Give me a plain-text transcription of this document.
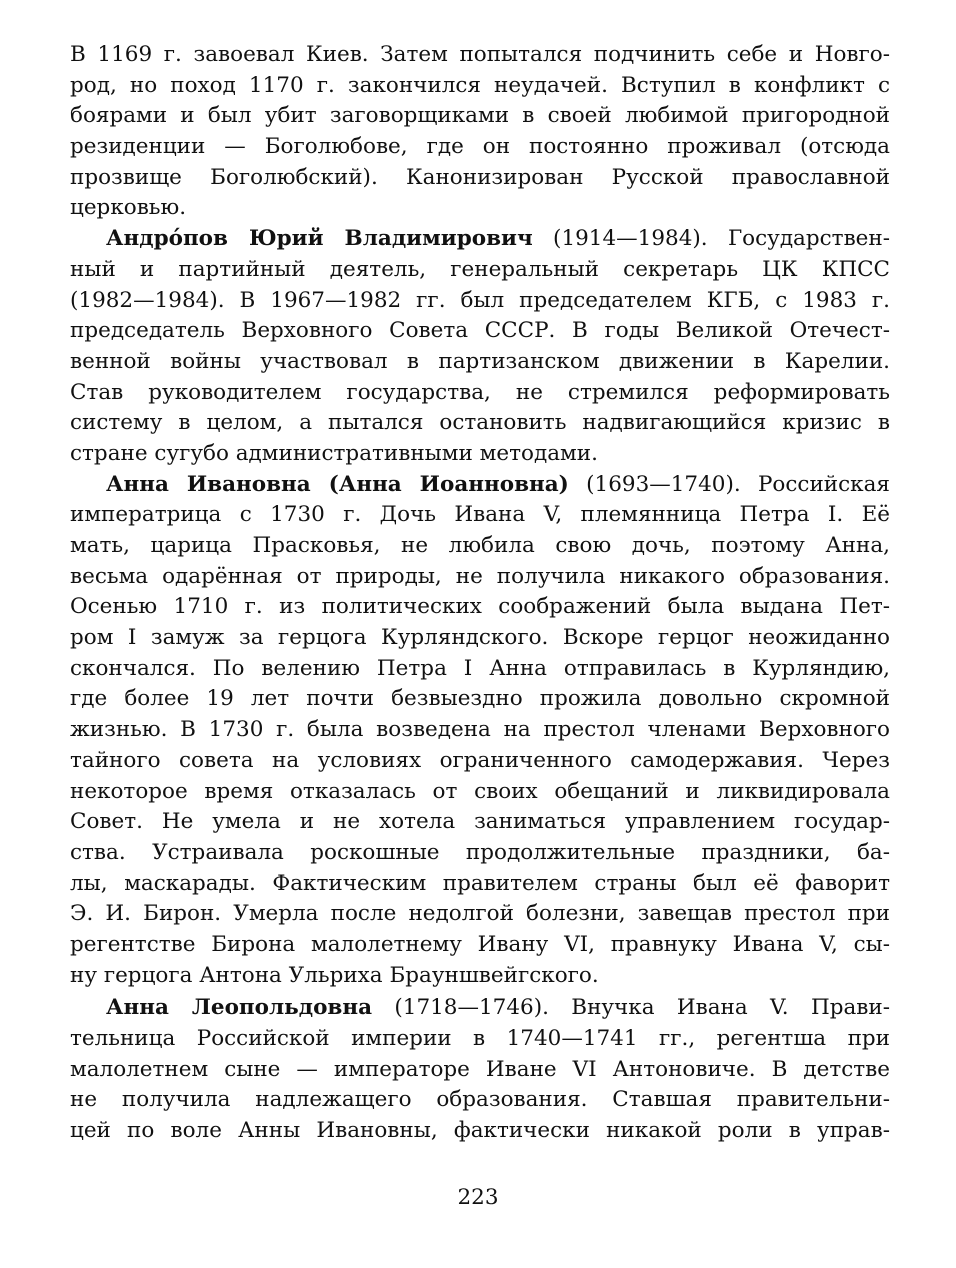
В 1169 г. завоевал Киев. Затем попытался подчинить себе и Новго-
род, но поход 1170 г. закончился неудачей. Вступил в конфликт с
боярами и был убит заговорщиками в своей любимой пригородной
резиденции — Боголюбове, где он постоянно проживал (отсюда
прозвище Боголюбский). Канонизирован Русской православной
церковью.
Андрóпов Юрий Владимирович (1914—1984). Государствен-
ный и партийный деятель, генеральный секретарь ЦК КПСС
(1982—1984). В 1967—1982 гг. был председателем КГБ, с 1983 г.
председатель Верховного Совета СССР. В годы Великой Отечест-
венной войны участвовал в партизанском движении в Карелии.
Став руководителем государства, не стремился реформировать
систему в целом, а пытался остановить надвигающийся кризис в
стране сугубо административными методами.
Анна Ивановна (Анна Иоанновна) (1693—1740). Российская
императрица с 1730 г. Дочь Ивана V, племянница Петра I. Её
мать, царица Прасковья, не любила свою дочь, поэтому Анна,
весьма одарённая от природы, не получила никакого образования.
Осенью 1710 г. из политических соображений была выдана Пет-
ром I замуж за герцога Курляндского. Вскоре герцог неожиданно
скончался. По велению Петра I Анна отправилась в Курляндию,
где более 19 лет почти безвыездно прожила довольно скромной
жизнью. В 1730 г. была возведена на престол членами Верховного
тайного совета на условиях ограниченного самодержавия. Через
некоторое время отказалась от своих обещаний и ликвидировала
Совет. Не умела и не хотела заниматься управлением государ-
ства. Устраивала роскошные продолжительные праздники, ба-
лы, маскарады. Фактическим правителем страны был её фаворит
Э. И. Бирон. Умерла после недолгой болезни, завещав престол при
регентстве Бирона малолетнему Ивану VI, правнуку Ивана V, сы-
ну герцога Антона Ульриха Брауншвейгского.
Анна Леопольдовна (1718—1746). Внучка Ивана V. Прави-
тельница Российской империи в 1740—1741 гг., регентша при
малолетнем сыне — императоре Иване VI Антоновиче. В детстве
не получила надлежащего образования. Ставшая правительни-
цей по воле Анны Ивановны, фактически никакой роли в управ-
223
